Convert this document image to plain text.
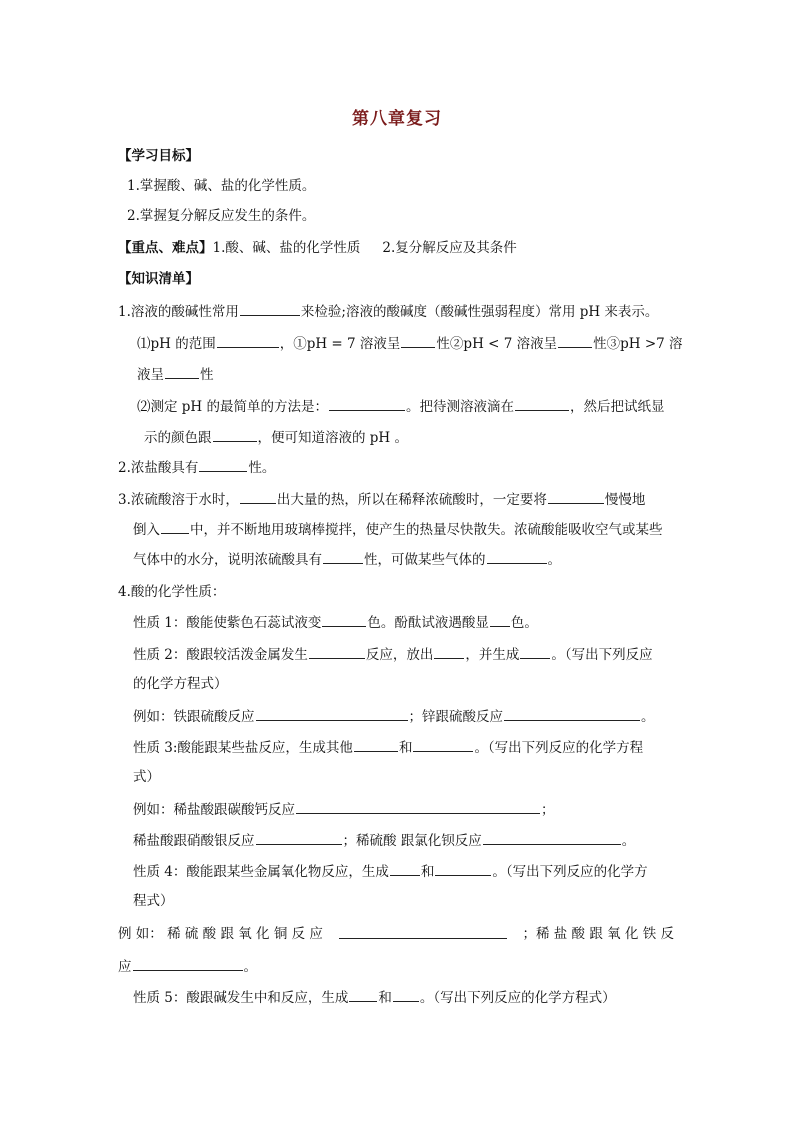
第八章复习
【学习目标】
1.掌握酸、碱、盐的化学性质。
2.掌握复分解反应发生的条件。
【重点、难点】1.酸、碱、盐的化学性质 2.复分解反应及其条件
【知识清单】
1.溶液的酸碱性常用	来检验;溶液的酸碱度（酸碱性强弱程度）常用 pH 来表示。
⑴pH 的范围	，①pH = 7 溶液呈	性②pH < 7 溶液呈	性③pH >7 溶
液呈	性
⑵测定 pH 的最简单的方法是：	。把待测溶液滴在	，然后把试纸显
示的颜色跟	，便可知道溶液的 pH 。
2.浓盐酸具有	性。
3.浓硫酸溶于水时，	出大量的热，所以在稀释浓硫酸时，一定要将	慢慢地
倒入 中，并不断地用玻璃棒搅拌，使产生的热量尽快散失。浓硫酸能吸收空气或某些
气体中的水分，说明浓硫酸具有	性，可做某些气体的	。
4.酸的化学性质：
性质 1：酸能使紫色石蕊试液变	色。酚酞试液遇酸显 色。
性质 2：酸跟较活泼金属发生	反应，放出 ，并生成 。（写出下列反应
的化学方程式）
例如：铁跟硫酸反应	；锌跟硫酸反应	。
性质 3:酸能跟某些盐反应，生成其他	和	。（写出下列反应的化学方程
式）
例如：稀盐酸跟碳酸钙反应	；
稀盐酸跟硝酸银反应	；稀硫酸 跟氯化钡反应	。
性质 4：酸能跟某些金属氧化物反应，生成 和	。（写出下列反应的化学方
程式）
例 如： 稀 硫 酸 跟 氧 化 铜 反 应	；稀 盐 酸 跟 氧 化 铁 反
应	。
性质 5：酸跟碱发生中和反应，生成 和 。（写出下列反应的化学方程式）
